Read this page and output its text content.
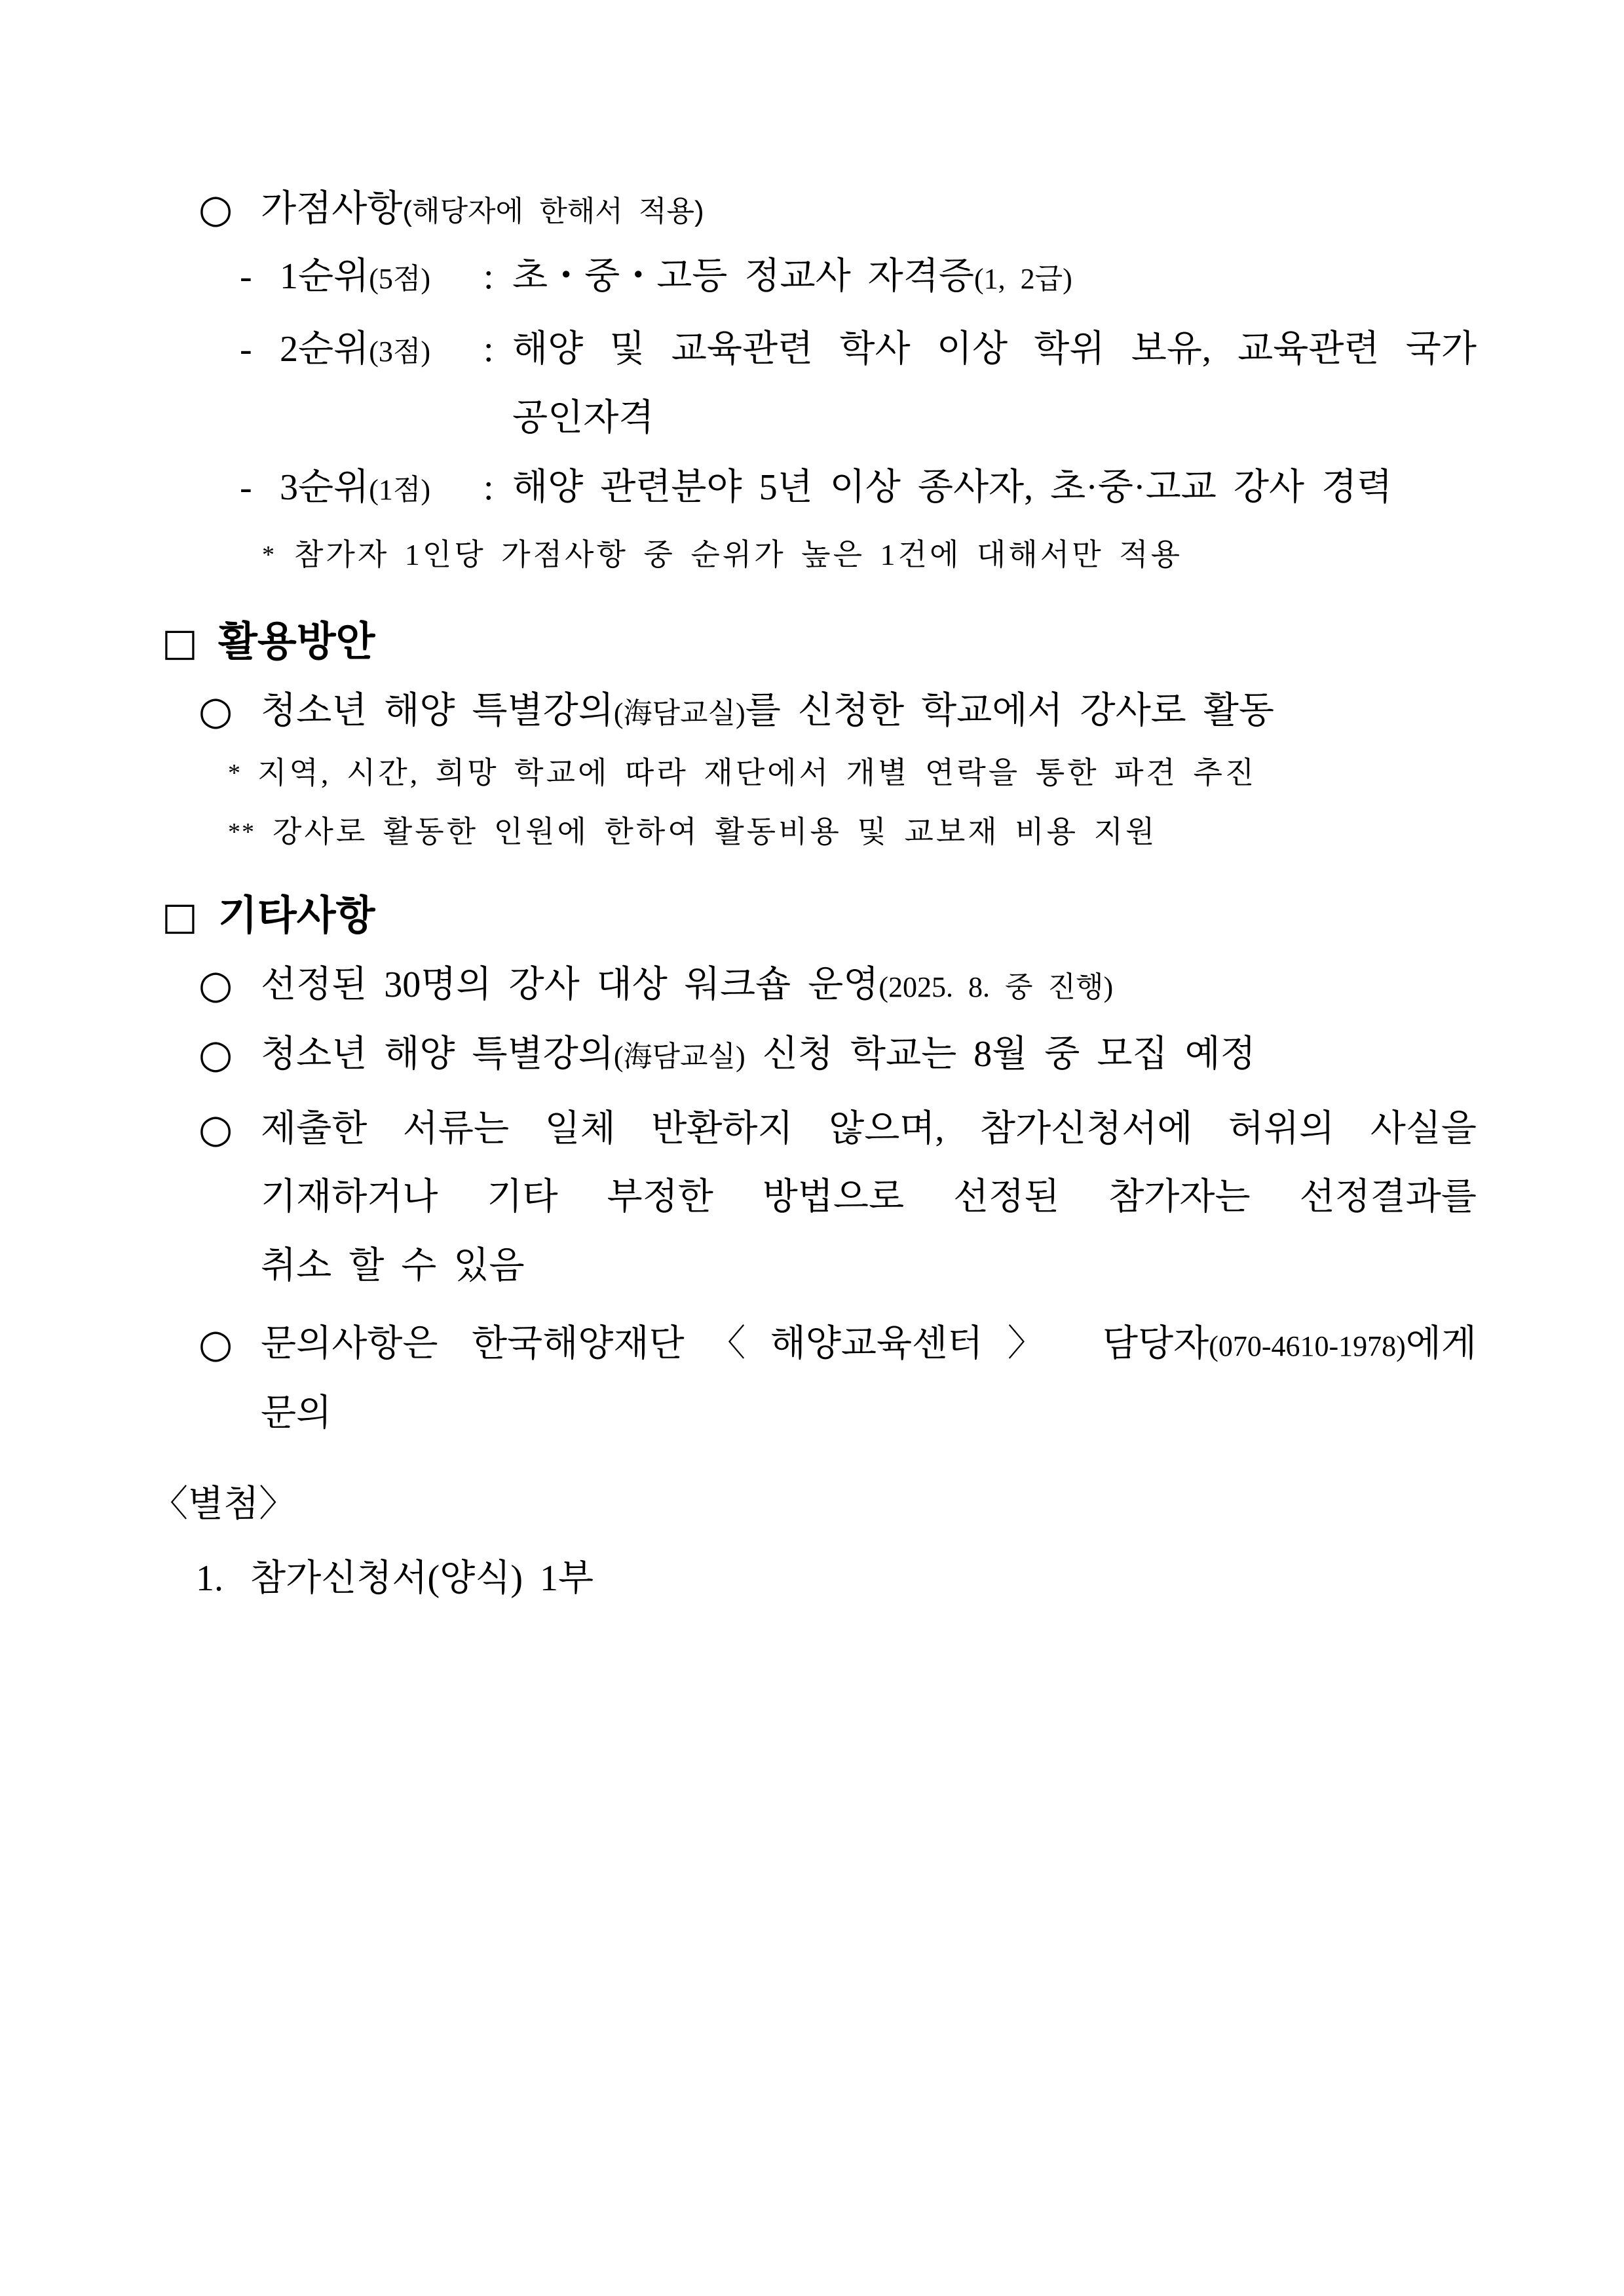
○ 가점사항(해당자에 한해서 적용)
- 1순위(5점) : 초・중・고등 정교사 자격증(1, 2급)
- 2순위(3점) : 해양 및 교육관련 학사 이상 학위 보유, 교육관련 국가
공인자격
- 3순위(1점) : 해양 관련분야 5년 이상 종사자, 초·중·고교 강사 경력
* 참가자 1인당 가점사항 중 순위가 높은 1건에 대해서만 적용
□ 활용방안
○ 청소년 해양 특별강의(海담교실)를 신청한 학교에서 강사로 활동
* 지역, 시간, 희망 학교에 따라 재단에서 개별 연락을 통한 파견 추진
** 강사로 활동한 인원에 한하여 활동비용 및 교보재 비용 지원
□ 기타사항
○ 선정된 30명의 강사 대상 워크숍 운영(2025. 8. 중 진행)
○ 청소년 해양 특별강의(海담교실) 신청 학교는 8월 중 모집 예정
○ 제출한 서류는 일체 반환하지 않으며, 참가신청서에 허위의 사실을
기재하거나 기타 부정한 방법으로 선정된 참가자는 선정결과를
취소 할 수 있음
○ 문의사항은 한국해양재단〈해양교육센터〉 담당자(070-4610-1978)에게
문의
〈별첨〉
1. 참가신청서(양식) 1부
